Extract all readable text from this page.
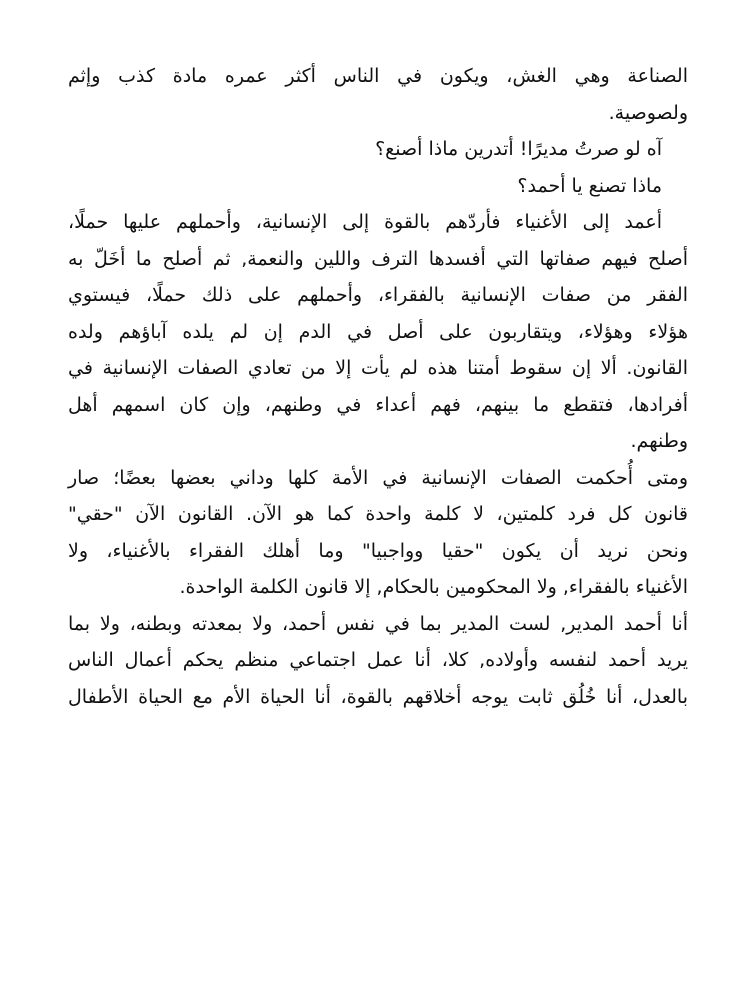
الصناعة وهي الغش، ويكون في الناس أكثر عمره مادة كذب وإثم
ولصوصية.
آه لو صرتُ مديرًا! أتدرين ماذا أصنع؟
ماذا تصنع يا أحمد؟
أعمد إلى الأغنياء فأردّهم بالقوة إلى الإنسانية، وأحملهم عليها حملًا،
أصلح فيهم صفاتها التي أفسدها الترف واللين والنعمة, ثم أصلح ما أخَلّ به
الفقر من صفات الإنسانية بالفقراء، وأحملهم على ذلك حملًا، فيستوي
هؤلاء وهؤلاء، ويتقاربون على أصل في الدم إن لم يلده آباؤهم ولده
القانون. ألا إن سقوط أمتنا هذه لم يأت إلا من تعادي الصفات الإنسانية في
أفرادها، فتقطع ما بينهم، فهم أعداء في وطنهم، وإن كان اسمهم أهل
وطنهم.
ومتى أُحكمت الصفات الإنسانية في الأمة كلها وداني بعضها بعضًا؛ صار
قانون كل فرد كلمتين، لا كلمة واحدة كما هو الآن. القانون الآن "حقي"
ونحن نريد أن يكون "حقيا وواجبيا" وما أهلك الفقراء بالأغنياء، ولا
الأغنياء بالفقراء, ولا المحكومين بالحكام, إلا قانون الكلمة الواحدة.
أنا أحمد المدير, لست المدير بما في نفس أحمد، ولا بمعدته وبطنه، ولا بما
يريد أحمد لنفسه وأولاده, كلا، أنا عمل اجتماعي منظم يحكم أعمال الناس
بالعدل، أنا خُلُق ثابت يوجه أخلاقهم بالقوة، أنا الحياة الأم مع الحياة الأطفال
